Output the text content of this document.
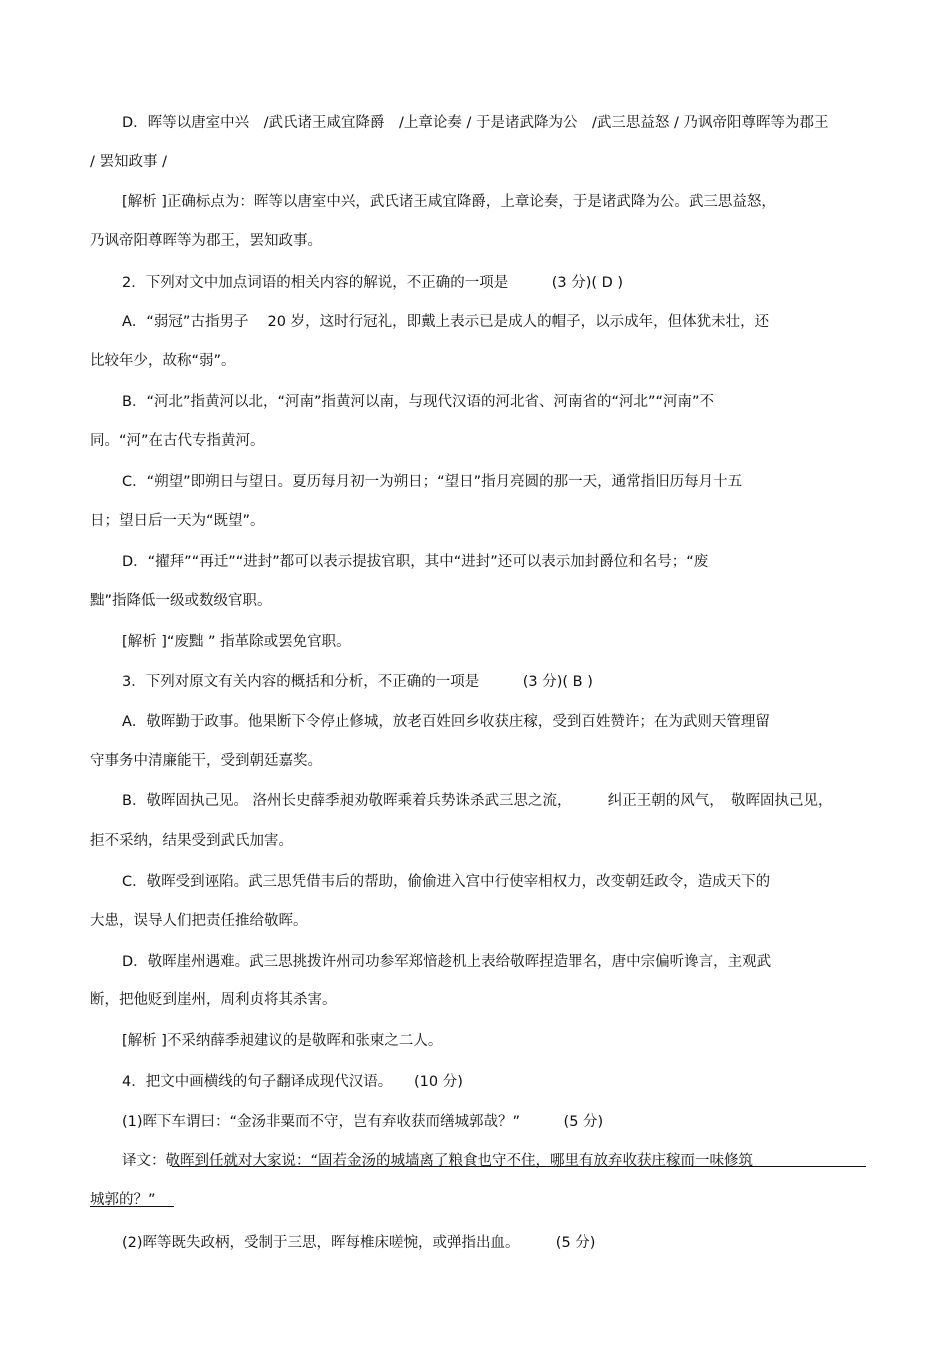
D．晖等以唐室中兴　/武氏诸王咸宜降爵　/上章论奏 / 于是诸武降为公　/武三思益怒 / 乃讽帝阳尊晖等为郡王
/ 罢知政事 /
[解析 ]正确标点为：晖等以唐室中兴，武氏诸王咸宜降爵，上章论奏，于是诸武降为公。武三思益怒，
乃讽帝阳尊晖等为郡王，罢知政事。
2．下列对文中加点词语的相关内容的解说，不正确的一项是　　　(3 分)( D )
A．“弱冠”古指男子　 20 岁，这时行冠礼，即戴上表示已是成人的帽子，以示成年，但体犹未壮，还
比较年少，故称“弱”。
B．“河北”指黄河以北，“河南”指黄河以南，与现代汉语的河北省、河南省的“河北”“河南”不
同。“河”在古代专指黄河。
C．“朔望”即朔日与望日。夏历每月初一为朔日；“望日”指月亮圆的那一天，通常指旧历每月十五
日；望日后一天为“既望”。
D．“擢拜”“再迁”“进封”都可以表示提拔官职，其中“进封”还可以表示加封爵位和名号；“废
黜”指降低一级或数级官职。
[解析 ]“废黜 ” 指革除或罢免官职。
3．下列对原文有关内容的概括和分析，不正确的一项是　　　(3 分)( B )
A．敬晖勤于政事。他果断下令停止修城，放老百姓回乡收获庄稼，受到百姓赞许；在为武则天管理留
守事务中清廉能干，受到朝廷嘉奖。
B．敬晖固执己见。 洛州长史薛季昶劝敬晖乘着兵势诛杀武三思之流，　　　纠正王朝的风气，　敬晖固执己见，
拒不采纳，结果受到武氏加害。
C．敬晖受到诬陷。武三思凭借韦后的帮助，偷偷进入宫中行使宰相权力，改变朝廷政令，造成天下的
大患，误导人们把责任推给敬晖。
D．敬晖崖州遇难。武三思挑拨许州司功参军郑愔趁机上表给敬晖捏造罪名，唐中宗偏听谗言，主观武
断，把他贬到崖州，周利贞将其杀害。
[解析 ]不采纳薛季昶建议的是敬晖和张柬之二人。
4．把文中画横线的句子翻译成现代汉语。　　(10 分)
(1)晖下车谓曰：“金汤非粟而不守，岂有弃收获而缮城郭哉？”　　　(5 分)
译文：敬晖到任就对大家说：“固若金汤的城墙离了粮食也守不住，哪里有放弃收获庄稼而一味修筑
城郭的？”
(2)晖等既失政柄，受制于三思，晖每椎床嗟惋，或弹指出血。　　　(5 分)
